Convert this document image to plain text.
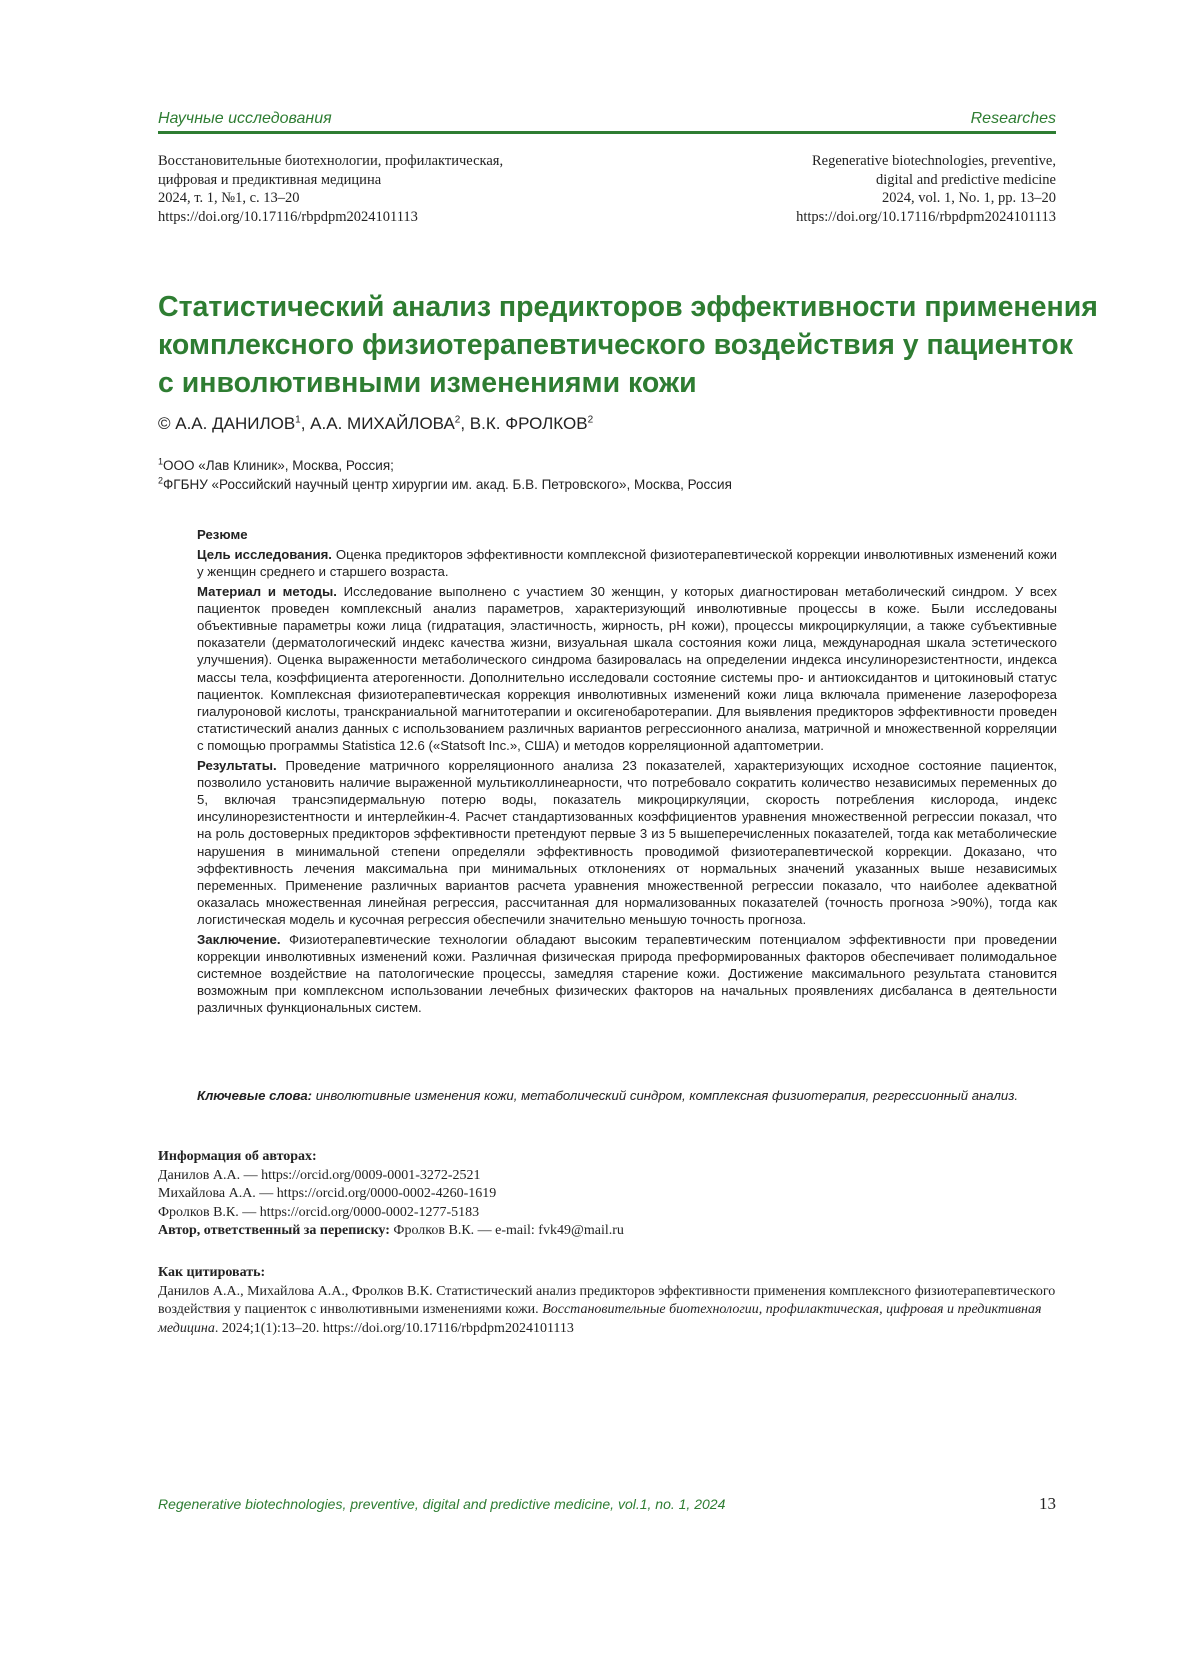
Научные исследования	Researches
Восстановительные биотехнологии, профилактическая,
цифровая и предиктивная медицина
2024, т. 1, №1, с. 13–20
https://doi.org/10.17116/rbpdpm2024101113
Regenerative biotechnologies, preventive,
digital and predictive medicine
2024, vol. 1, No. 1, pp. 13–20
https://doi.org/10.17116/rbpdpm2024101113
Статистический анализ предикторов эффективности применения
комплексного физиотерапевтического воздействия у пациенток
с инволютивными изменениями кожи
© А.А. ДАНИЛОВ$^1$, А.А. МИХАЙЛОВА$^2$, В.К. ФРОЛКОВ$^2$
$^1$ООО «Лав Клиник», Москва, Россия;
$^2$ФГБНУ «Российский научный центр хирургии им. акад. Б.В. Петровского», Москва, Россия
Резюме
Цель исследования. Оценка предикторов эффективности комплексной физиотерапевтической коррекции инволютивных изменений кожи у женщин среднего и старшего возраста.
Материал и методы. Исследование выполнено с участием 30 женщин, у которых диагностирован метаболический синдром. У всех пациенток проведен комплексный анализ параметров, характеризующий инволютивные процессы в коже. Были исследованы объективные параметры кожи лица (гидратация, эластичность, жирность, pH кожи), процессы микроциркуляции, а также субъективные показатели (дерматологический индекс качества жизни, визуальная шкала состояния кожи лица, международная шкала эстетического улучшения). Оценка выраженности метаболического синдрома базировалась на определении индекса инсулинорезистентности, индекса массы тела, коэффициента атерогенности. Дополнительно исследовали состояние системы про- и антиоксидантов и цитокиновый статус пациенток. Комплексная физиотерапевтическая коррекция инволютивных изменений кожи лица включала применение лазерофореза гиалуроновой кислоты, транскраниальной магнитотерапии и оксигенобаротерапии. Для выявления предикторов эффективности проведен статистический анализ данных с использованием различных вариантов регрессионного анализа, матричной и множественной корреляции с помощью программы Statistica 12.6 («Statsoft Inc.», США) и методов корреляционной адаптометрии.
Результаты. Проведение матричного корреляционного анализа 23 показателей, характеризующих исходное состояние пациенток, позволило установить наличие выраженной мультиколлинеарности, что потребовало сократить количество независимых переменных до 5, включая трансэпидермальную потерю воды, показатель микроциркуляции, скорость потребления кислорода, индекс инсулинорезистентности и интерлейкин-4. Расчет стандартизованных коэффициентов уравнения множественной регрессии показал, что на роль достоверных предикторов эффективности претендуют первые 3 из 5 вышеперечисленных показателей, тогда как метаболические нарушения в минимальной степени определяли эффективность проводимой физиотерапевтической коррекции. Доказано, что эффективность лечения максимальна при минимальных отклонениях от нормальных значений указанных выше независимых переменных. Применение различных вариантов расчета уравнения множественной регрессии показало, что наиболее адекватной оказалась множественная линейная регрессия, рассчитанная для нормализованных показателей (точность прогноза >90%), тогда как логистическая модель и кусочная регрессия обеспечили значительно меньшую точность прогноза.
Заключение. Физиотерапевтические технологии обладают высоким терапевтическим потенциалом эффективности при проведении коррекции инволютивных изменений кожи. Различная физическая природа преформированных факторов обеспечивает полимодальное системное воздействие на патологические процессы, замедляя старение кожи. Достижение максимального результата становится возможным при комплексном использовании лечебных физических факторов на начальных проявлениях дисбаланса в деятельности различных функциональных систем.
Ключевые слова: инволютивные изменения кожи, метаболический синдром, комплексная физиотерапия, регрессионный анализ.
Информация об авторах:
Данилов А.А. — https://orcid.org/0009-0001-3272-2521
Михайлова А.А. — https://orcid.org/0000-0002-4260-1619
Фролков В.К. — https://orcid.org/0000-0002-1277-5183
Автор, ответственный за переписку: Фролков В.К. — e-mail: fvk49@mail.ru
Как цитировать:
Данилов А.А., Михайлова А.А., Фролков В.К. Статистический анализ предикторов эффективности применения комплексного физиотерапевтического воздействия у пациенток с инволютивными изменениями кожи. Восстановительные биотехнологии, профилактическая, цифровая и предиктивная медицина. 2024;1(1):13–20. https://doi.org/10.17116/rbpdpm2024101113
Regenerative biotechnologies, preventive, digital and predictive medicine, vol.1, no. 1, 2024	13
